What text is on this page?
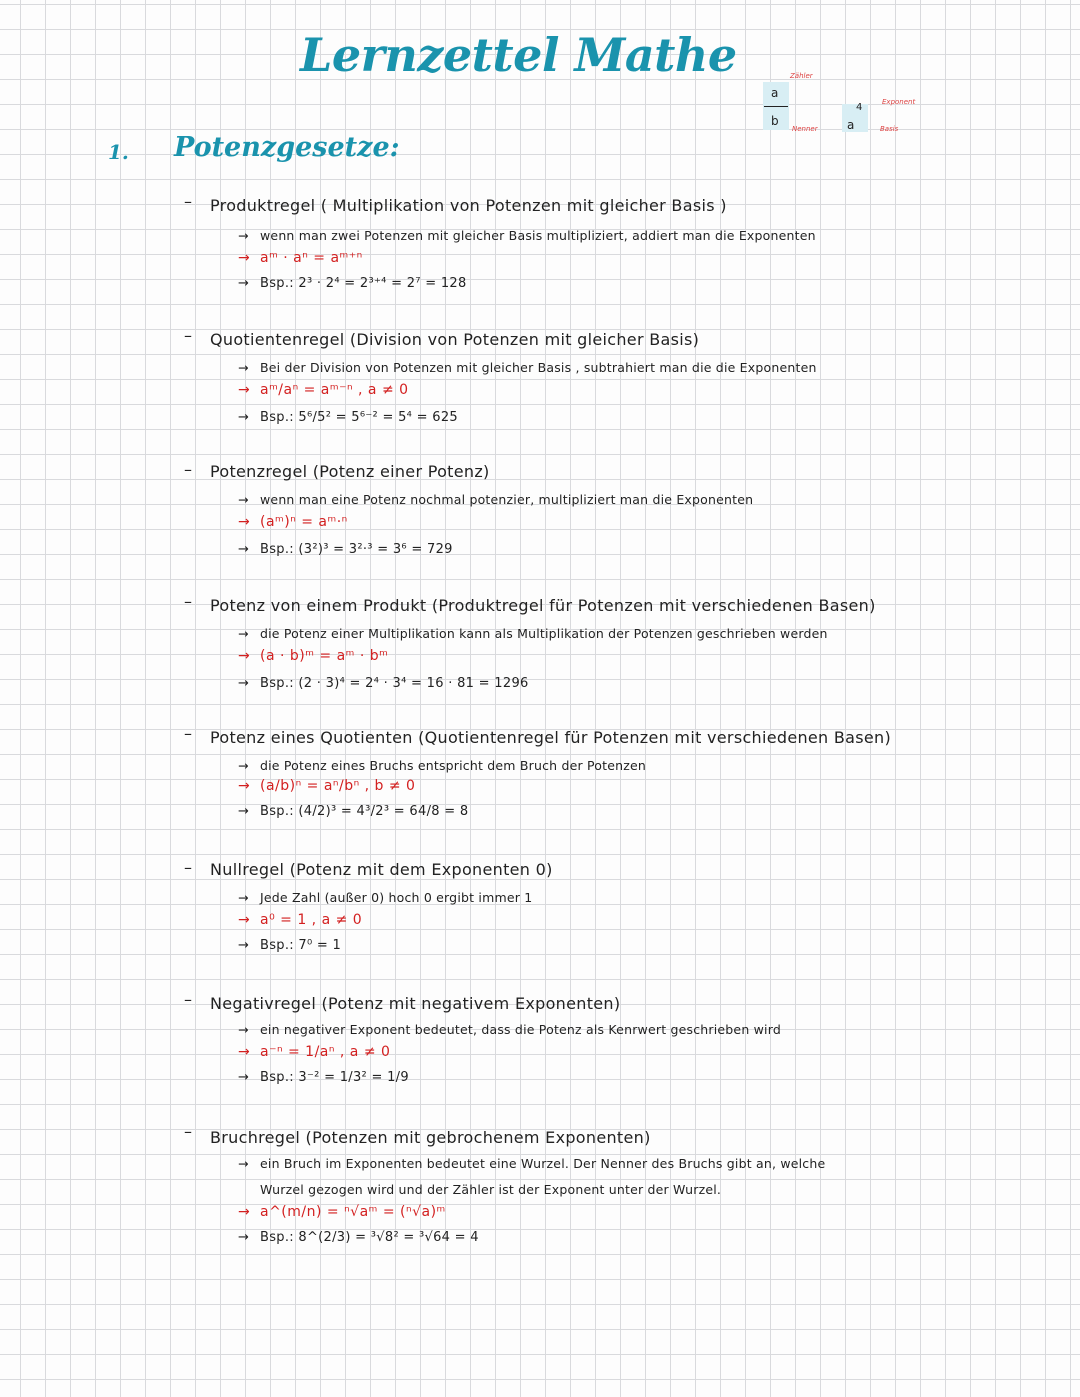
Lernzettel Mathe
a
b
Zähler
Nenner
4
a
Exponent
Basis
1. Potenzgesetze:
– Produktregel ( Multiplikation von Potenzen mit gleicher Basis )
→ wenn man zwei Potenzen mit gleicher Basis multipliziert, addiert man die Exponenten
→ aᵐ · aⁿ = aᵐ⁺ⁿ
→ Bsp.: 2³ · 2⁴ = 2³⁺⁴ = 2⁷ = 128
– Quotientenregel (Division von Potenzen mit gleicher Basis)
→ Bei der Division von Potenzen mit gleicher Basis , subtrahiert man die die Exponenten
→ aᵐ/aⁿ = aᵐ⁻ⁿ , a ≠ 0
→ Bsp.: 5⁶/5² = 5⁶⁻² = 5⁴ = 625
– Potenzregel (Potenz einer Potenz)
→ wenn man eine Potenz nochmal potenzier, multipliziert man die Exponenten
→ (aᵐ)ⁿ = aᵐ·ⁿ
→ Bsp.: (3²)³ = 3²·³ = 3⁶ = 729
– Potenz von einem Produkt (Produktregel für Potenzen mit verschiedenen Basen)
→ die Potenz einer Multiplikation kann als Multiplikation der Potenzen geschrieben werden
→ (a · b)ᵐ = aᵐ · bᵐ
→ Bsp.: (2 · 3)⁴ = 2⁴ · 3⁴ = 16 · 81 = 1296
– Potenz eines Quotienten (Quotientenregel für Potenzen mit verschiedenen Basen)
→ die Potenz eines Bruchs entspricht dem Bruch der Potenzen
→ (a/b)ⁿ = aⁿ/bⁿ , b ≠ 0
→ Bsp.: (4/2)³ = 4³/2³ = 64/8 = 8
– Nullregel (Potenz mit dem Exponenten 0)
→ Jede Zahl (außer 0) hoch 0 ergibt immer 1
→ a⁰ = 1 , a ≠ 0
→ Bsp.: 7⁰ = 1
– Negativregel (Potenz mit negativem Exponenten)
→ ein negativer Exponent bedeutet, dass die Potenz als Kenrwert geschrieben wird
→ a⁻ⁿ = 1/aⁿ , a ≠ 0
→ Bsp.: 3⁻² = 1/3² = 1/9
– Bruchregel (Potenzen mit gebrochenem Exponenten)
→ ein Bruch im Exponenten bedeutet eine Wurzel. Der Nenner des Bruchs gibt an, welche
Wurzel gezogen wird und der Zähler ist der Exponent unter der Wurzel.
→ a^(m/n) = ⁿ√aᵐ = (ⁿ√a)ᵐ
→ Bsp.: 8^(2/3) = ³√8² = ³√64 = 4
